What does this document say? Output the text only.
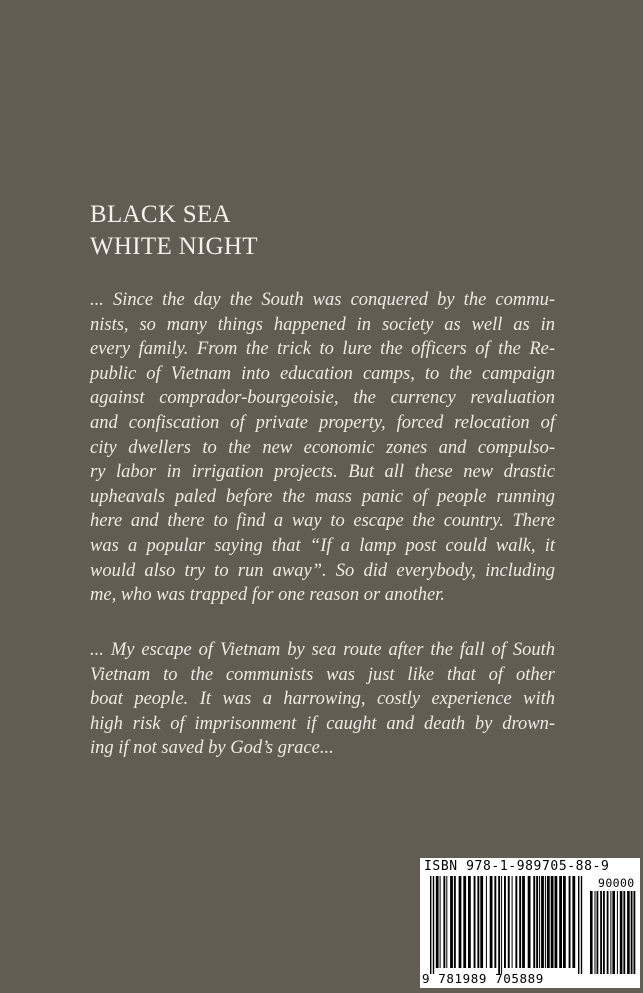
BLACK SEA
WHITE NIGHT
... Since the day the South was conquered by the commu-
nists, so many things happened in society as well as in
every family. From the trick to lure the officers of the Re-
public of Vietnam into education camps, to the campaign
against comprador-bourgeoisie, the currency revaluation
and confiscation of private property, forced relocation of
city dwellers to the new economic zones and compulso-
ry labor in irrigation projects. But all these new drastic
upheavals paled before the mass panic of people running
here and there to find a way to escape the country. There
was a popular saying that “If a lamp post could walk, it
would also try to run away”. So did everybody, including
me, who was trapped for one reason or another.
... My escape of Vietnam by sea route after the fall of South
Vietnam to the communists was just like that of other
boat people. It was a harrowing, costly experience with
high risk of imprisonment if caught and death by drown-
ing if not saved by God’s grace...
ISBN 978-1-989705-88-9
90000
9 781989 705889
